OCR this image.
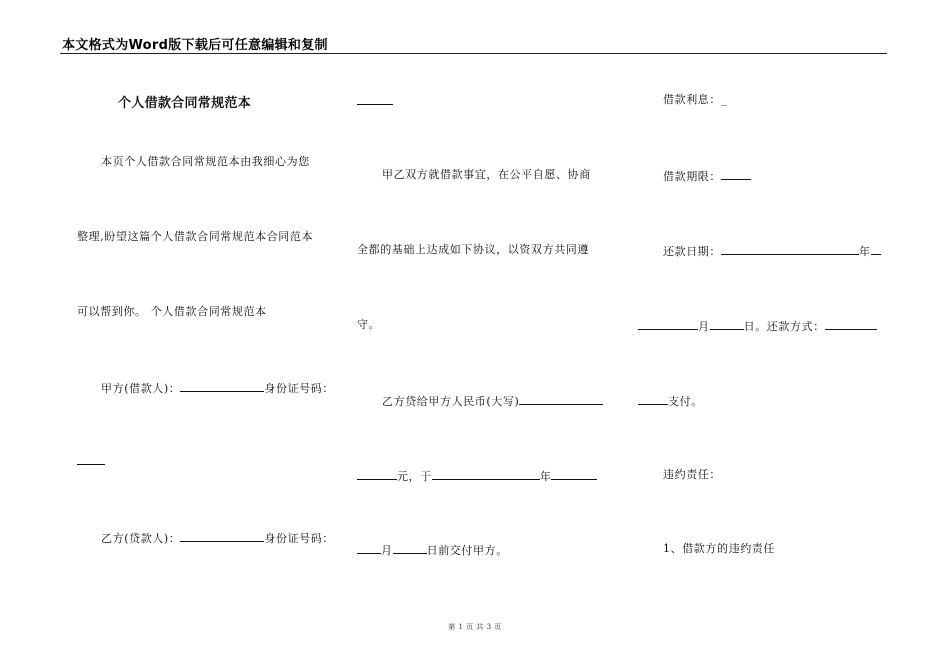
本文格式为Word版下载后可任意编辑和复制
个人借款合同常规范本
本页个人借款合同常规范本由我细心为您
整理,盼望这篇个人借款合同常规范本合同范本
可以帮到你。 个人借款合同常规范本
甲方(借款人)：	身份证号码：
乙方(贷款人)：	身份证号码：
甲乙双方就借款事宜，在公平自愿、协商
全都的基础上达成如下协议，以资双方共同遵
守。
乙方贷给甲方人民币(大写)
元，于	年
月	日前交付甲方。
借款利息：_
借款期限：
还款日期：	年
月	日。还款方式：
支付。
违约责任：
1、借款方的违约责任
第 1 页 共 3 页
